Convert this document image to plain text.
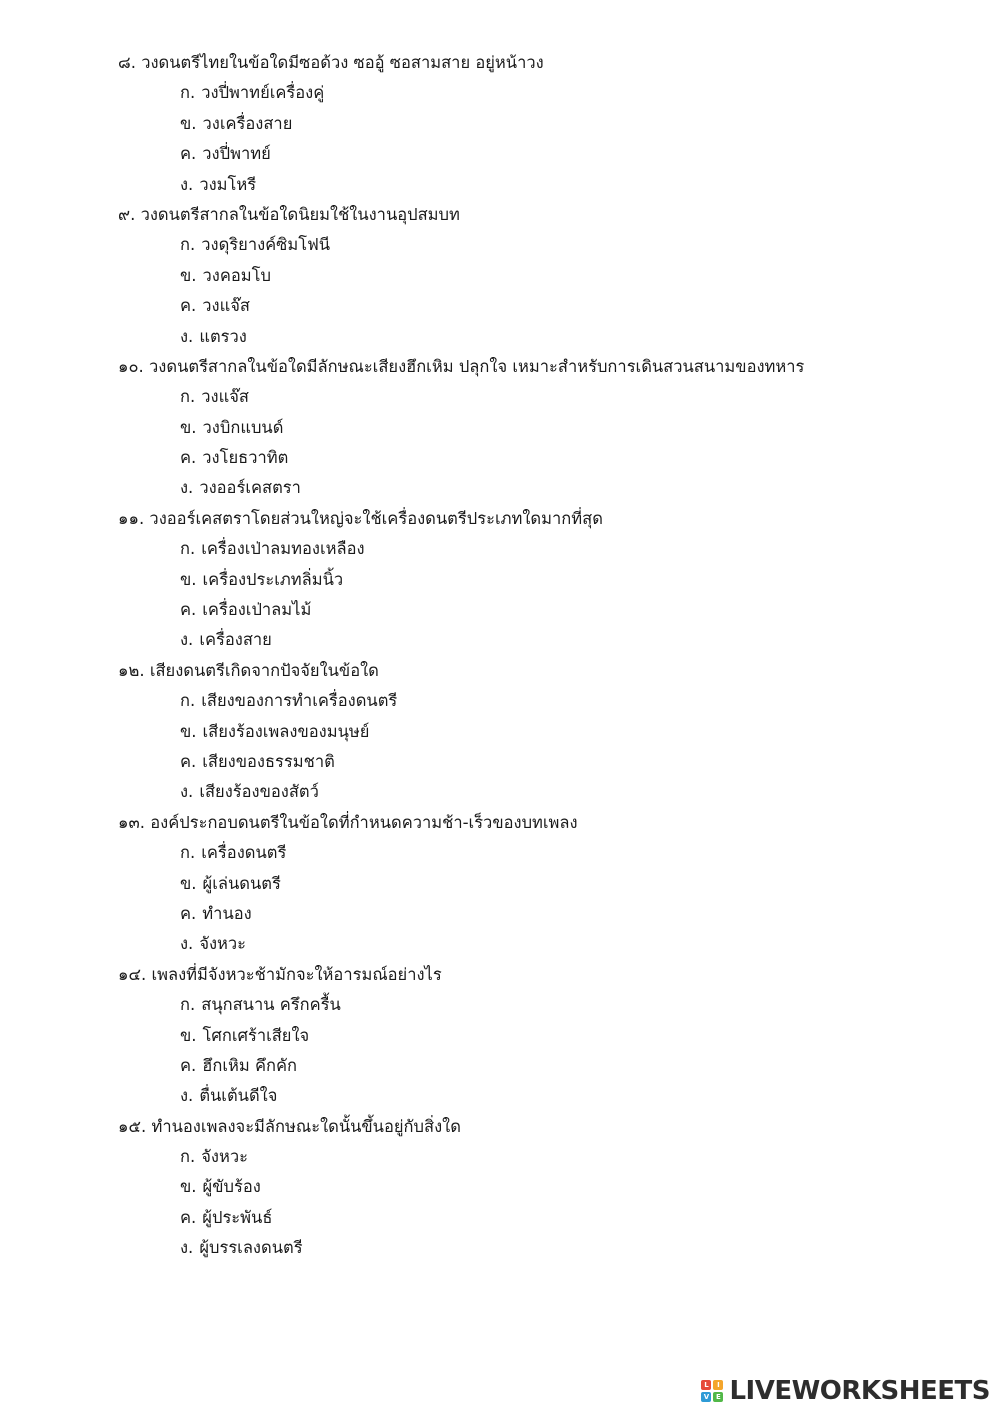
๘. วงดนตรีไทยในข้อใดมีซอด้วง ซออู้ ซอสามสาย อยู่หน้าวง
ก. วงปี่พาทย์เครื่องคู่
ข. วงเครื่องสาย
ค. วงปี่พาทย์
ง. วงมโหรี
๙. วงดนตรีสากลในข้อใดนิยมใช้ในงานอุปสมบท
ก. วงดุริยางค์ซิมโฟนี
ข. วงคอมโบ
ค. วงแจ๊ส
ง. แตรวง
๑๐. วงดนตรีสากลในข้อใดมีลักษณะเสียงฮึกเหิม ปลุกใจ เหมาะสำหรับการเดินสวนสนามของทหาร
ก. วงแจ๊ส
ข. วงบิกแบนด์
ค. วงโยธวาทิต
ง. วงออร์เคสตรา
๑๑. วงออร์เคสตราโดยส่วนใหญ่จะใช้เครื่องดนตรีประเภทใดมากที่สุด
ก. เครื่องเป่าลมทองเหลือง
ข. เครื่องประเภทลิ่มนิ้ว
ค. เครื่องเป่าลมไม้
ง. เครื่องสาย
๑๒. เสียงดนตรีเกิดจากปัจจัยในข้อใด
ก. เสียงของการทำเครื่องดนตรี
ข. เสียงร้องเพลงของมนุษย์
ค. เสียงของธรรมชาติ
ง. เสียงร้องของสัตว์
๑๓. องค์ประกอบดนตรีในข้อใดที่กำหนดความช้า-เร็วของบทเพลง
ก. เครื่องดนตรี
ข. ผู้เล่นดนตรี
ค. ทำนอง
ง. จังหวะ
๑๔. เพลงที่มีจังหวะช้ามักจะให้อารมณ์อย่างไร
ก. สนุกสนาน ครึกครื้น
ข. โศกเศร้าเสียใจ
ค. ฮึกเหิม คึกคัก
ง. ตื่นเต้นดีใจ
๑๕. ทำนองเพลงจะมีลักษณะใดนั้นขึ้นอยู่กับสิ่งใด
ก. จังหวะ
ข. ผู้ขับร้อง
ค. ผู้ประพันธ์
ง. ผู้บรรเลงดนตรี
L	I
V E LIVEWORKSHEETS
